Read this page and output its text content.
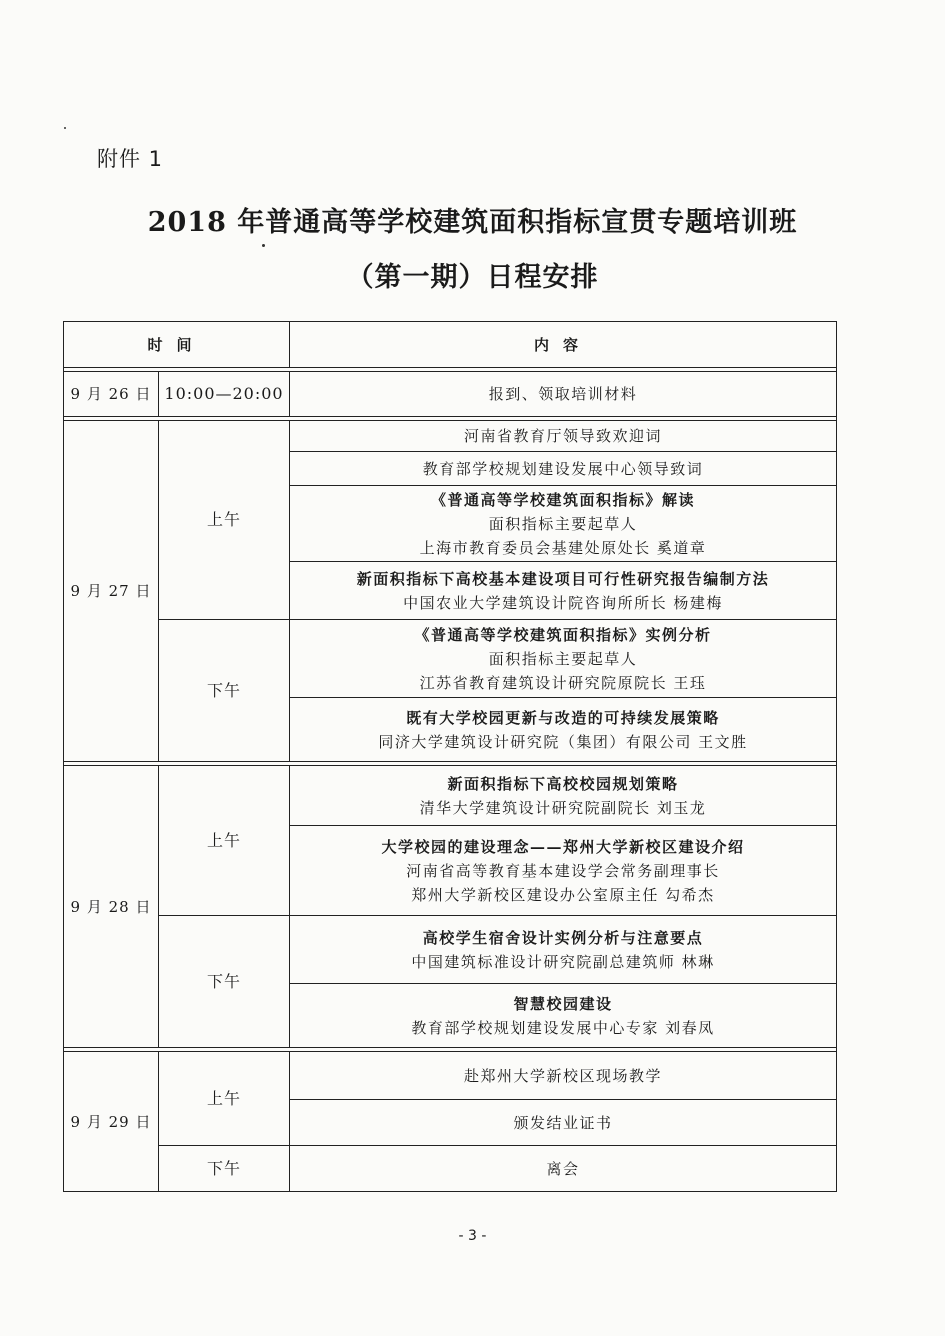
附件 1
2018 年普通高等学校建筑面积指标宣贯专题培训班
（第一期）日程安排
时间		内容

9 月 26 日	10:00—20:00	报到、领取培训材料

9 月 27 日	上午	河南省教育厅领导致欢迎词
		教育部学校规划建设发展中心领导致词

		《普通高等学校建筑面积指标》解读
面积指标主要起草人
上海市教育委员会基建处原处长 奚道章

		新面积指标下高校基本建设项目可行性研究报告编制方法
中国农业大学建筑设计院咨询所所长 杨建梅

	下午	《普通高等学校建筑面积指标》实例分析
面积指标主要起草人
江苏省教育建筑设计研究院原院长 王珏

		既有大学校园更新与改造的可持续发展策略
同济大学建筑设计研究院（集团）有限公司 王文胜

9 月 28 日	上午	新面积指标下高校校园规划策略
清华大学建筑设计研究院副院长 刘玉龙

		大学校园的建设理念——郑州大学新校区建设介绍
河南省高等教育基本建设学会常务副理事长
郑州大学新校区建设办公室原主任 勾希杰

	下午	高校学生宿舍设计实例分析与注意要点
中国建筑标准设计研究院副总建筑师 林琳

		智慧校园建设
教育部学校规划建设发展中心专家 刘春凤

9 月 29 日	上午	赴郑州大学新校区现场教学
		颁发结业证书
	下午	离会
- 3 -
